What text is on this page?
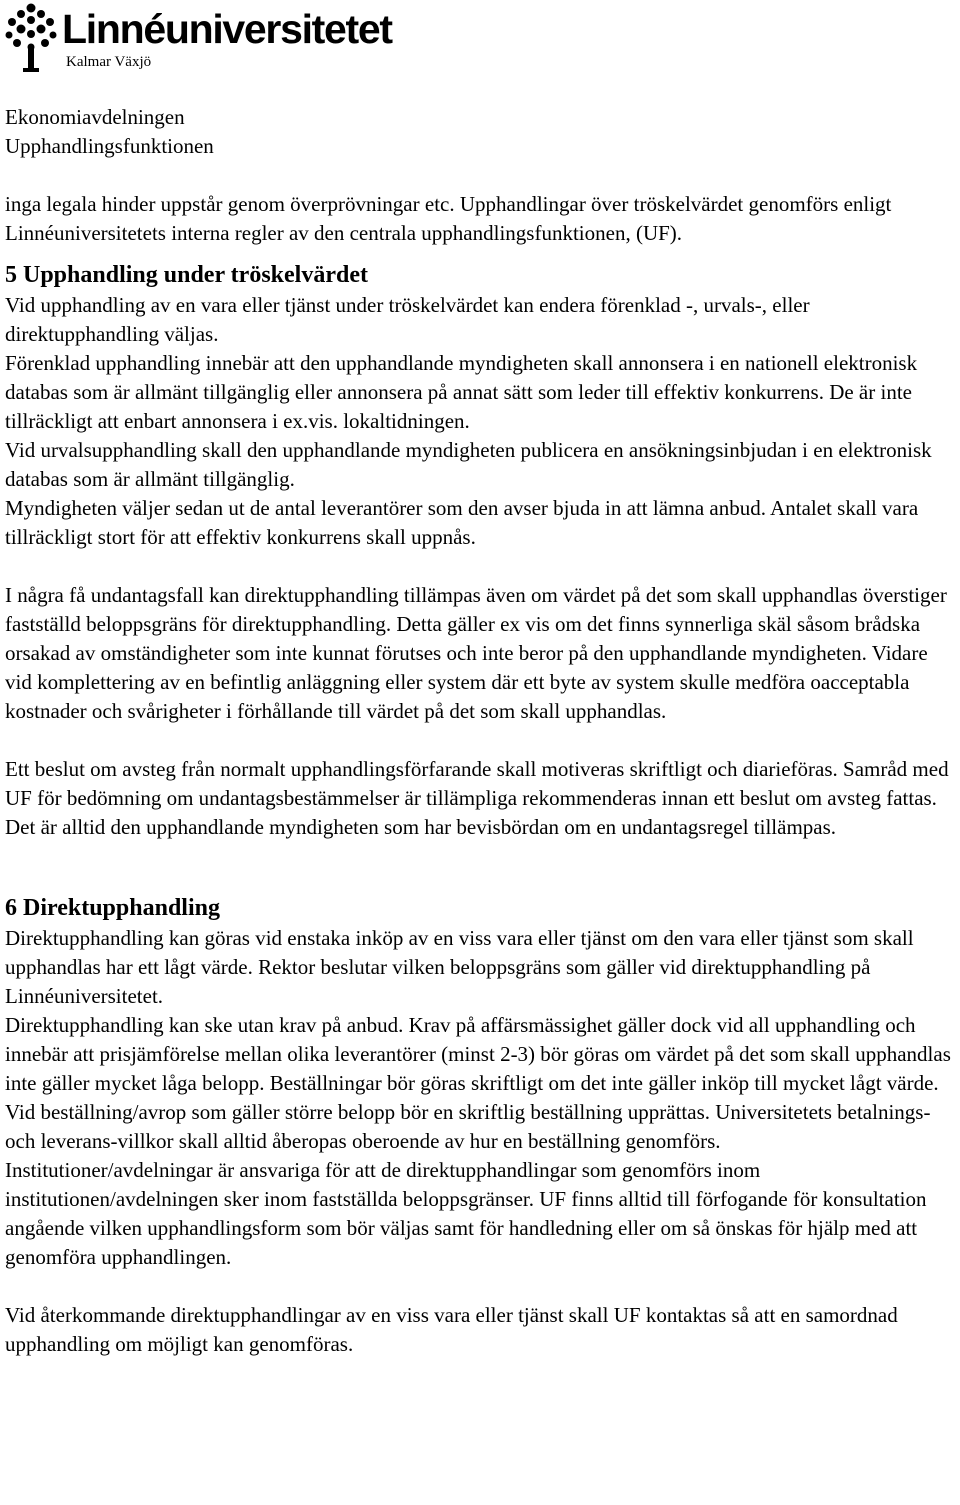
Linnéuniversitetet
Kalmar Växjö
Ekonomiavdelningen
Upphandlingsfunktionen

inga legala hinder uppstår genom överprövningar etc. Upphandlingar över tröskelvärdet genomförs enligt Linnéuniversitetets interna regler av den centrala upphandlingsfunktionen, (UF).

5 Upphandling under tröskelvärdet

Vid upphandling av en vara eller tjänst under tröskelvärdet kan endera förenklad -, urvals-, eller direktupphandling väljas.

Förenklad upphandling innebär att den upphandlande myndigheten skall annonsera i en nationell elektronisk databas som är allmänt tillgänglig eller annonsera på annat sätt som leder till effektiv konkurrens. De är inte tillräckligt att enbart annonsera i ex.vis. lokaltidningen.

Vid urvalsupphandling skall den upphandlande myndigheten publicera en ansökningsinbjudan i en elektronisk databas som är allmänt tillgänglig.

Myndigheten väljer sedan ut de antal leverantörer som den avser bjuda in att lämna anbud. Antalet skall vara tillräckligt stort för att effektiv konkurrens skall uppnås.

I några få undantagsfall kan direktupphandling tillämpas även om värdet på det som skall upphandlas överstiger fastställd beloppsgräns för direktupphandling. Detta gäller ex vis om det finns synnerliga skäl såsom brådska orsakad av omständigheter som inte kunnat förutses och inte beror på den upphandlande myndigheten. Vidare vid komplettering av en befintlig anläggning eller system där ett byte av system skulle medföra oacceptabla kostnader och svårigheter i förhållande till värdet på det som skall upphandlas.

Ett beslut om avsteg från normalt upphandlingsförfarande skall motiveras skriftligt och diarieföras. Samråd med UF för bedömning om undantagsbestämmelser är tillämpliga rekommenderas innan ett beslut om avsteg fattas. Det är alltid den upphandlande myndigheten som har bevisbördan om en undantagsregel tillämpas.

6 Direktupphandling

Direktupphandling kan göras vid enstaka inköp av en viss vara eller tjänst om den vara eller tjänst som skall upphandlas har ett lågt värde. Rektor beslutar vilken beloppsgräns som gäller vid direktupphandling på Linnéuniversitetet.

Direktupphandling kan ske utan krav på anbud. Krav på affärsmässighet gäller dock vid all upphandling och innebär att prisjämförelse mellan olika leverantörer (minst 2-3) bör göras om värdet på det som skall upphandlas inte gäller mycket låga belopp. Beställningar bör göras skriftligt om det inte gäller inköp till mycket lågt värde. Vid beställning/avrop som gäller större belopp bör en skriftlig beställning upprättas. Universitetets betalnings- och leverans-villkor skall alltid åberopas oberoende av hur en beställning genomförs.

Institutioner/avdelningar är ansvariga för att de direktupphandlingar som genomförs inom institutionen/avdelningen sker inom fastställda beloppsgränser. UF finns alltid till förfogande för konsultation angående vilken upphandlingsform som bör väljas samt för handledning eller om så önskas för hjälp med att genomföra upphandlingen.

Vid återkommande direktupphandlingar av en viss vara eller tjänst skall UF kontaktas så att en samordnad upphandling om möjligt kan genomföras.
